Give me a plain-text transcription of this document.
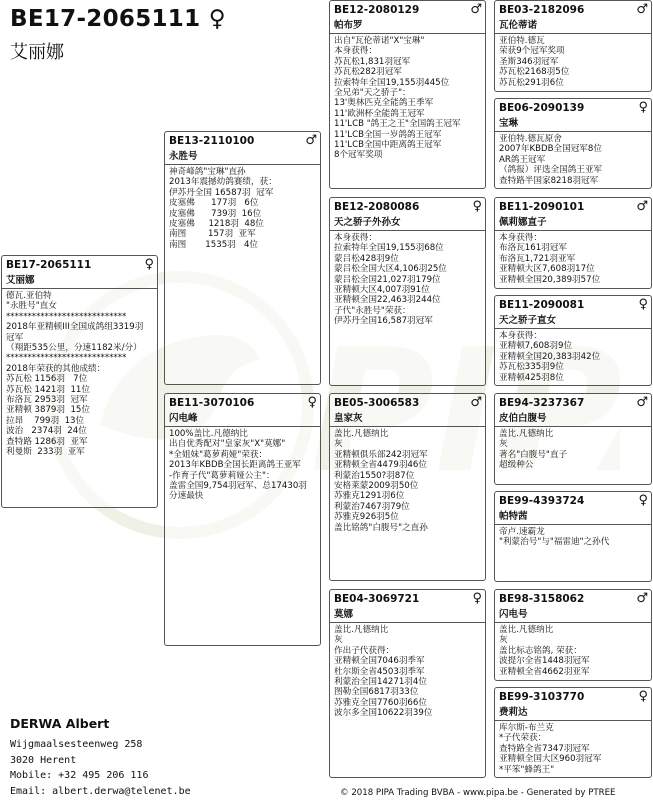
BE17-2065111 ♀
艾丽娜
BE17-2065111	♀
艾丽娜
德瓦.亚伯特
"永胜号"直女
****************************
2018年亚精顿III全国成鸽组3319羽
冠军
（翔距535公里，分速1182米/分）
****************************
2018年荣获的其他成绩：
苏瓦松 1156羽   7位
苏瓦松 1421羽  11位
布洛瓦 2953羽  冠军
亚精顿 3879羽  15位
拉昂    799羽  13位
波治   2374羽  24位
查特路 1286羽  亚军
利曼斯  233羽  亚军
BE13-2110100	♂
永胜号
神奇峰鸽"宝琳"直孙
2013年震撼幼鸽赛绩，获：
伊苏丹全国 16587羽  冠军
皮塞佛      177羽   6位
皮塞佛      739羽  16位
皮塞佛     1218羽  48位
南图        157羽  亚军
南图       1535羽   4位
BE11-3070106	♀
闪电峰
100%盖比.凡德纳比
出自优秀配对"皇家灰"X"莫娜"
*全姐妹"葛萝莉娅"荣获：
2013年KBDB全国长距离鸽王亚军
-作育子代"葛萝莉娅公主"：
盖雷全国9,754羽冠军、总17430羽
分速最快
BE12-2080129	♂
帕布罗
出自"瓦伦蒂诺"X"宝琳"
本身获得：
苏瓦松1,831羽冠军
苏瓦松282羽冠军
拉索特年全国19,155羽445位
全兄弟"天之骄子"：
13'奥林匹克全能鸽王季军
11'欧洲杯全能鸽王冠军
11'LCB "鸽王之王"全国鸽王冠军
11'LCB全国一岁鸽鸽王冠军
11'LCB全国中距离鸽王冠军
8个冠军奖项
BE12-2080086	♀
天之骄子外孙女
本身获得：
拉索特年全国19,155羽68位
蒙吕松428羽9位
蒙吕松全国大区4,106羽25位
蒙吕松全国21,027羽179位
亚精顿大区4,007羽91位
亚精顿全国22,463羽244位
子代"永胜号"荣获：
伊苏丹全国16,587羽冠军
BE05-3006583	♂
皇家灰
盖比.凡德纳比
灰
亚精顿俱乐部242羽冠军
亚精顿全省4479羽46位
利蒙治1550?羽87位
安格莱蒙2009羽50位
苏雅克1291羽6位
利蒙治7467羽79位
苏雅克926羽5位
盖比铭鸽"白腹号"之直孙
BE04-3069721	♀
莫娜
盖比.凡德纳比
灰
作出子代获得：
亚精顿全国7046羽季军
杜尔斯全省4503羽季军
利蒙治全国14271羽4位
图勒全国6817羽33位
苏雅克全国7760羽66位
波尔多全国10622羽39位
BE03-2182096	♂
瓦伦蒂诺
亚伯特.德瓦
荣获9个冠军奖项
圣斯346羽冠军
苏瓦松2168羽5位
苏瓦松291羽6位
BE06-2090139	♀
宝琳
亚伯特.德瓦原舍
2007年KBDB全国冠军8位
AR鸽王冠军
（鸽报）评选全国鸽王亚军
查特路半国家8218羽冠军
BE11-2090101	♂
佩莉娜直子
本身获得：
布洛瓦161羽冠军
布洛瓦1,721羽亚军
亚精顿大区7,608羽17位
亚精顿全国20,389羽57位
BE11-2090081	♀
天之骄子直女
本身获得：
亚精顿7,608羽9位
亚精顿全国20,383羽42位
苏瓦松335羽9位
亚精顿425羽8位
BE94-3237367	♂
皮伯白腹号
盖比.凡德纳比
灰
著名"白腹号"直子
超级种公
BE99-4393724	♀
帕特茜
帝卢.速霸龙
"利蒙治号"与"福雷迪"之孙代
BE98-3158062	♂
闪电号
盖比.凡德纳比
灰
盖比标志铭鸽, 荣获：
波提尔全省1448羽冠军
亚精顿全省4662羽亚军
BE99-3103770	♀
费莉达
库尔斯-布兰克
*子代荣获：
查特路全省7347羽冠军
亚精顿全国大区960羽冠军
*平笨"蜂鸽王"
DERWA Albert
Wijgmaalsesteenweg 258
3020 Herent
Mobile: +32 495 206 116
Email: albert.derwa@telenet.be	© 2018 PIPA Trading BVBA - www.pipa.be - Generated by PTREE
